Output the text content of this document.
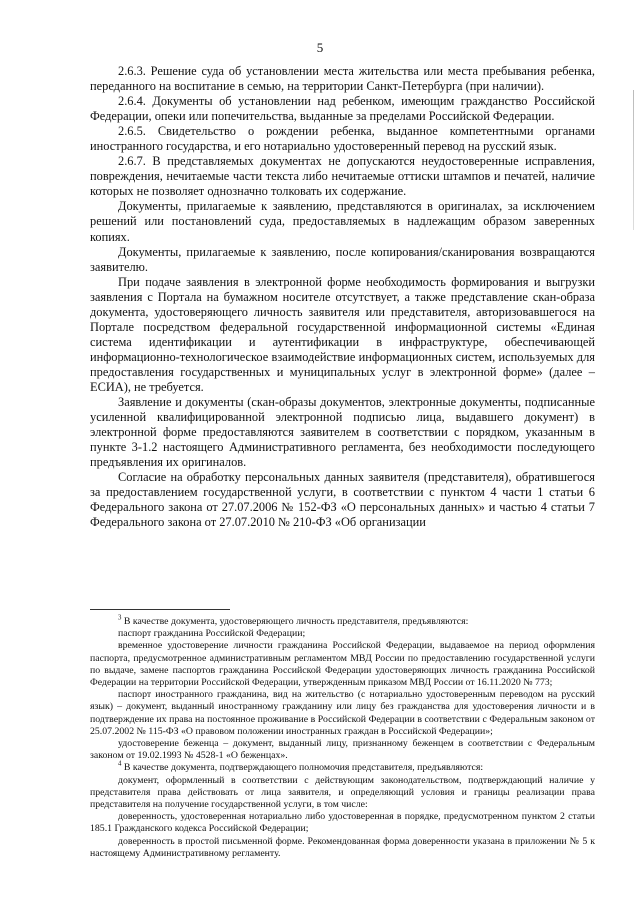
5

2.6.3. Решение суда об установлении места жительства или места пребывания ребенка, переданного на воспитание в семью, на территории Санкт-Петербурга (при наличии).

2.6.4. Документы об установлении над ребенком, имеющим гражданство Российской Федерации, опеки или попечительства, выданные за пределами Российской Федерации.

2.6.5. Свидетельство о рождении ребенка, выданное компетентными органами иностранного государства, и его нотариально удостоверенный перевод на русский язык.

2.6.7. В представляемых документах не допускаются неудостоверенные исправления, повреждения, нечитаемые части текста либо нечитаемые оттиски штампов и печатей, наличие которых не позволяет однозначно толковать их содержание.

Документы, прилагаемые к заявлению, представляются в оригиналах, за исключением решений или постановлений суда, предоставляемых в надлежащим образом заверенных копиях.

Документы, прилагаемые к заявлению, после копирования/сканирования возвращаются заявителю.

При подаче заявления в электронной форме необходимость формирования и выгрузки заявления с Портала на бумажном носителе отсутствует, а также представление скан-образа документа, удостоверяющего личность заявителя или представителя, авторизовавшегося на Портале посредством федеральной государственной информационной системы «Единая система идентификации и аутентификации в инфраструктуре, обеспечивающей информационно-технологическое взаимодействие информационных систем, используемых для предоставления государственных и муниципальных услуг в электронной форме» (далее – ЕСИА), не требуется.

Заявление и документы (скан-образы документов, электронные документы, подписанные усиленной квалифицированной электронной подписью лица, выдавшего документ) в электронной форме предоставляются заявителем в соответствии с порядком, указанным в пункте 3-1.2 настоящего Административного регламента, без необходимости последующего предъявления их оригиналов.

Согласие на обработку персональных данных заявителя (представителя), обратившегося за предоставлением государственной услуги, в соответствии с пунктом 4 части 1 статьи 6 Федерального закона от 27.07.2006 № 152-ФЗ «О персональных данных» и частью 4 статьи 7 Федерального закона от 27.07.2010 № 210-ФЗ «Об организации

$^3$ В качестве документа, удостоверяющего личность представителя, предъявляются:

паспорт гражданина Российской Федерации;

временное удостоверение личности гражданина Российской Федерации, выдаваемое на период оформления паспорта, предусмотренное административным регламентом МВД России по предоставлению государственной услуги по выдаче, замене паспортов гражданина Российской Федерации удостоверяющих личность гражданина Российской Федерации на территории Российской Федерации, утвержденным приказом МВД России от 16.11.2020 № 773;

паспорт иностранного гражданина, вид на жительство (с нотариально удостоверенным переводом на русский язык) – документ, выданный иностранному гражданину или лицу без гражданства для удостоверения личности и в подтверждение их права на постоянное проживание в Российской Федерации в соответствии с Федеральным законом от 25.07.2002 № 115-ФЗ «О правовом положении иностранных граждан в Российской Федерации»;

удостоверение беженца – документ, выданный лицу, признанному беженцем в соответствии с Федеральным законом от 19.02.1993 № 4528-1 «О беженцах».

$^4$ В качестве документа, подтверждающего полномочия представителя, предъявляются:

документ, оформленный в соответствии с действующим законодательством, подтверждающий наличие у представителя права действовать от лица заявителя, и определяющий условия и границы реализации права представителя на получение государственной услуги, в том числе:

доверенность, удостоверенная нотариально либо удостоверенная в порядке, предусмотренном пунктом 2 статьи 185.1 Гражданского кодекса Российской Федерации;

доверенность в простой письменной форме. Рекомендованная форма доверенности указана в приложении № 5 к настоящему Административному регламенту.
